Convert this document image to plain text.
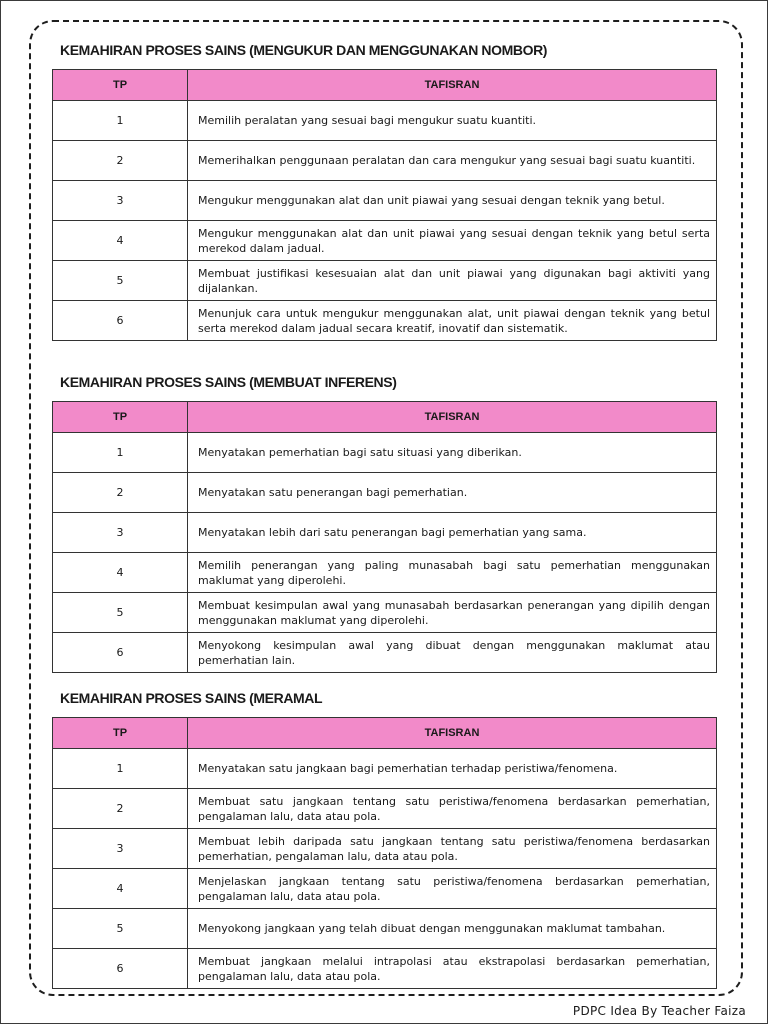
KEMAHIRAN PROSES SAINS (MENGUKUR DAN MENGGUNAKAN NOMBOR)
TP	TAFISRAN
1	Memilih peralatan yang sesuai bagi mengukur suatu kuantiti.
2	Memerihalkan penggunaan peralatan dan cara mengukur yang sesuai bagi suatu kuantiti.
3	Mengukur menggunakan alat dan unit piawai yang sesuai dengan teknik yang betul.
4	Mengukur menggunakan alat dan unit piawai yang sesuai dengan teknik yang betul serta merekod dalam jadual.
5	Membuat justifikasi kesesuaian alat dan unit piawai yang digunakan bagi aktiviti yang dijalankan.
6	Menunjuk cara untuk mengukur menggunakan alat, unit piawai dengan teknik yang betul serta merekod dalam jadual secara kreatif, inovatif dan sistematik.
KEMAHIRAN PROSES SAINS (MEMBUAT INFERENS)
TP	TAFISRAN
1	Menyatakan pemerhatian bagi satu situasi yang diberikan.
2	Menyatakan satu penerangan bagi pemerhatian.
3	Menyatakan lebih dari satu penerangan bagi pemerhatian yang sama.
4	Memilih penerangan yang paling munasabah bagi satu pemerhatian menggunakan maklumat yang diperolehi.
5	Membuat kesimpulan awal yang munasabah berdasarkan penerangan yang dipilih dengan menggunakan maklumat yang diperolehi.
6	Menyokong kesimpulan awal yang dibuat dengan menggunakan maklumat atau pemerhatian lain.
KEMAHIRAN PROSES SAINS (MERAMAL
TP	TAFISRAN
1	Menyatakan satu jangkaan bagi pemerhatian terhadap peristiwa/fenomena.
2	Membuat satu jangkaan tentang satu peristiwa/fenomena berdasarkan pemerhatian, pengalaman lalu, data atau pola.
3	Membuat lebih daripada satu jangkaan tentang satu peristiwa/fenomena berdasarkan pemerhatian, pengalaman lalu, data atau pola.
4	Menjelaskan jangkaan tentang satu peristiwa/fenomena berdasarkan pemerhatian, pengalaman lalu, data atau pola.
5	Menyokong jangkaan yang telah dibuat dengan menggunakan maklumat tambahan.
6	Membuat jangkaan melalui intrapolasi atau ekstrapolasi berdasarkan pemerhatian, pengalaman lalu, data atau pola.
PDPC Idea By Teacher Faiza
